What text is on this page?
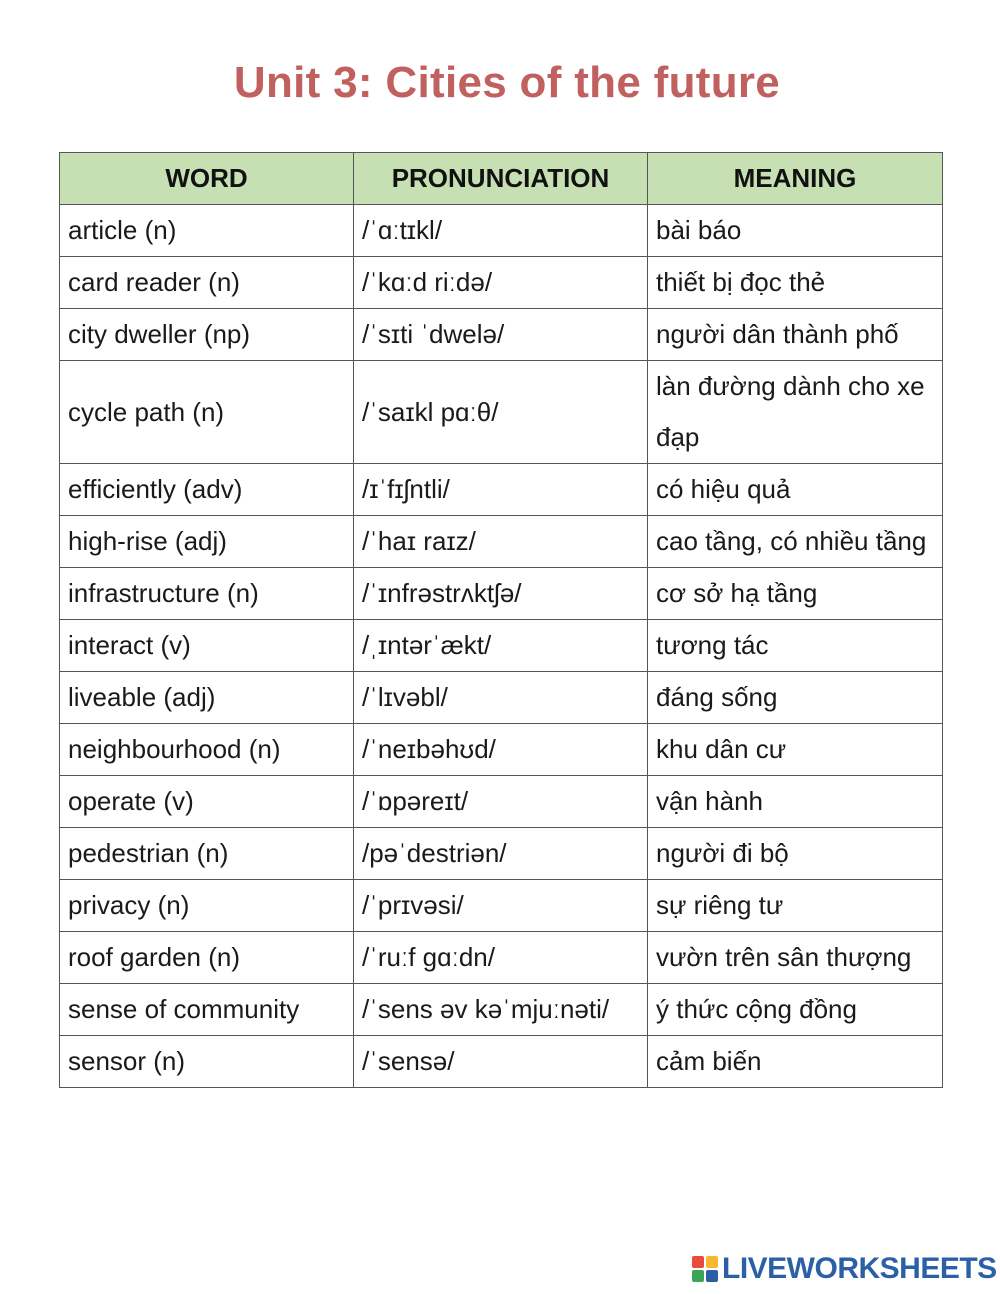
Unit 3: Cities of the future
WORD	PRONUNCIATION	MEANING
article (n)	/ˈɑːtɪkl/	bài báo
card reader (n)	/ˈkɑːd riːdə/	thiết bị đọc thẻ
city dweller (np)	/ˈsɪti ˈdwelə/	người dân thành phố
cycle path (n)	/ˈsaɪkl pɑːθ/	làn đường dành cho xe đạp
efficiently (adv)	/ɪˈfɪʃntli/	có hiệu quả
high-rise (adj)	/ˈhaɪ raɪz/	cao tầng, có nhiều tầng
infrastructure (n)	/ˈɪnfrəstrʌktʃə/	cơ sở hạ tầng
interact (v)	/ˌɪntərˈækt/	tương tác
liveable (adj)	/ˈlɪvəbl/	đáng sống
neighbourhood (n)	/ˈneɪbəhʊd/	khu dân cư
operate (v)	/ˈɒpəreɪt/	vận hành
pedestrian (n)	/pəˈdestriən/	người đi bộ
privacy (n)	/ˈprɪvəsi/	sự riêng tư
roof garden (n)	/ˈruːf gɑːdn/	vườn trên sân thượng
sense of community	/ˈsens əv kəˈmjuːnəti/	ý thức cộng đồng
sensor (n)	/ˈsensə/	cảm biến
LIVEWORKSHEETS
